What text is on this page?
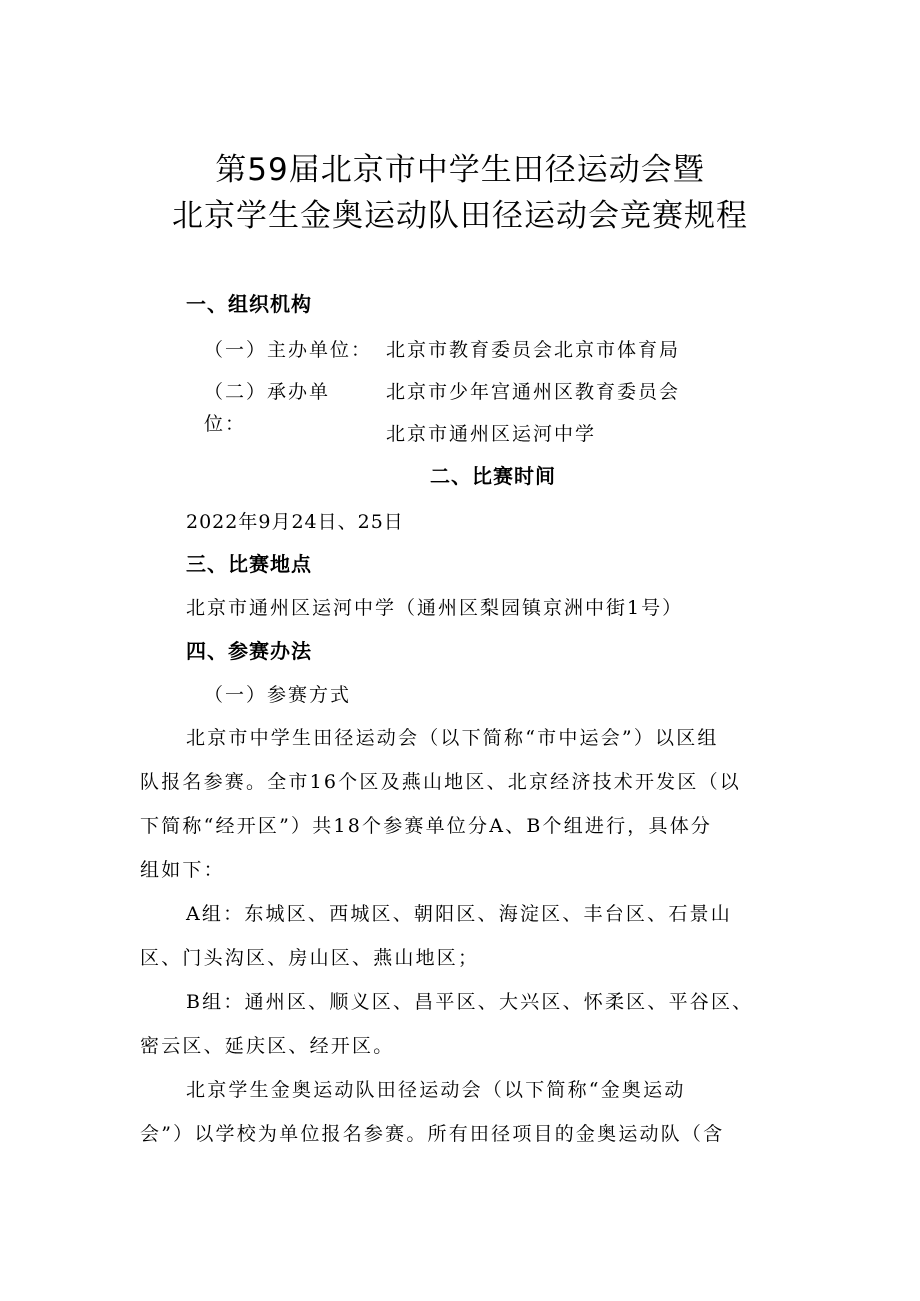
第59届北京市中学生田径运动会暨
北京学生金奥运动队田径运动会竞赛规程
一、组织机构
（一）主办单位： 北京市教育委员会北京市体育局
（二）承办单
位：
北京市少年宫通州区教育委员会
北京市通州区运河中学
二、比赛时间
2022年9月24日、25日
三、比赛地点
北京市通州区运河中学（通州区梨园镇京洲中街1号）
四、参赛办法
（一）参赛方式
北京市中学生田径运动会（以下简称“市中运会”）以区组
队报名参赛。全市16个区及燕山地区、北京经济技术开发区（以
下简称“经开区”）共18个参赛单位分A、B个组进行，具体分
组如下：
A组：东城区、西城区、朝阳区、海淀区、丰台区、石景山
区、门头沟区、房山区、燕山地区；
B组：通州区、顺义区、昌平区、大兴区、怀柔区、平谷区、
密云区、延庆区、经开区。
北京学生金奥运动队田径运动会（以下简称“金奥运动
会”）以学校为单位报名参赛。所有田径项目的金奥运动队（含
